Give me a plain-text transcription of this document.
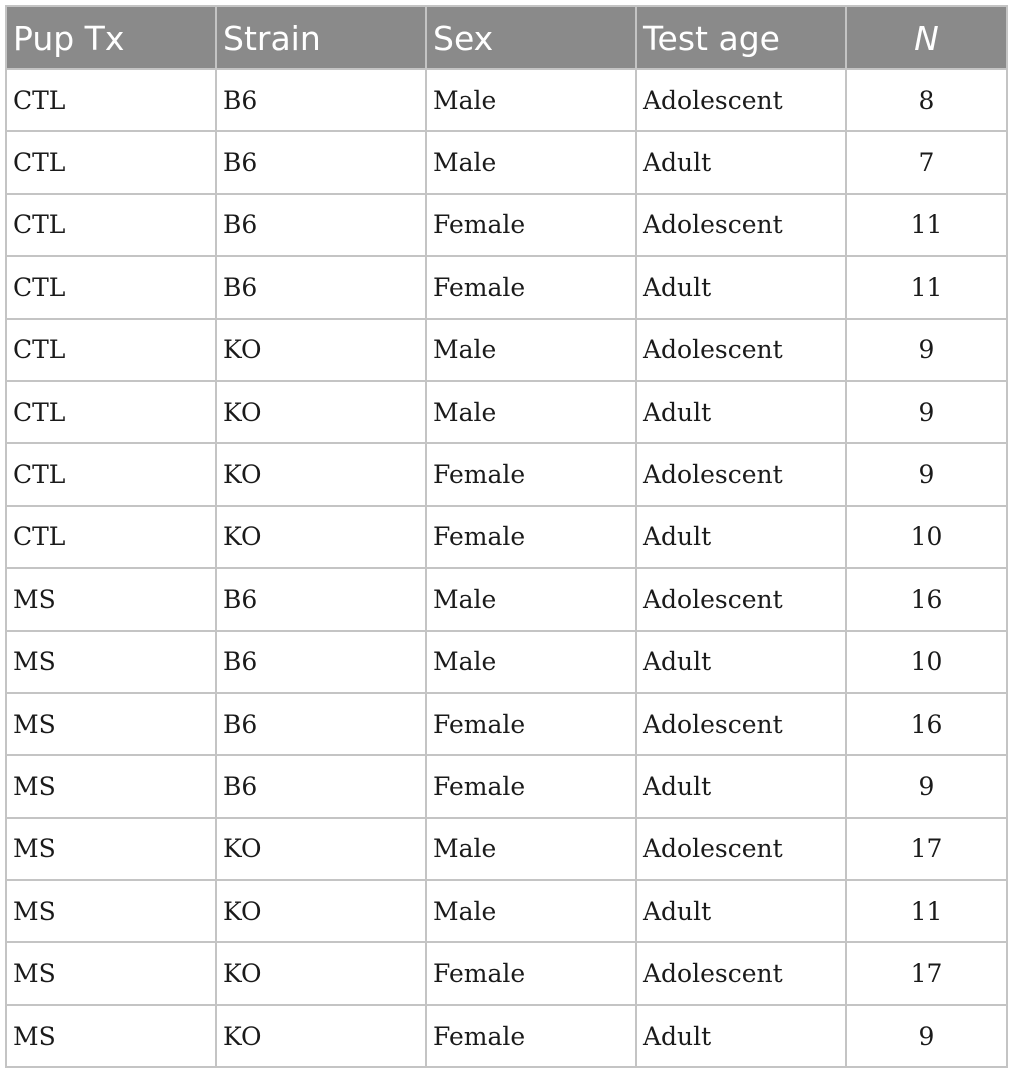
Pup Tx	Strain	Sex	Test age	N
CTL	B6	Male	Adolescent	8
CTL	B6	Male	Adult	7
CTL	B6	Female	Adolescent	11
CTL	B6	Female	Adult	11
CTL	KO	Male	Adolescent	9
CTL	KO	Male	Adult	9
CTL	KO	Female	Adolescent	9
CTL	KO	Female	Adult	10
MS	B6	Male	Adolescent	16
MS	B6	Male	Adult	10
MS	B6	Female	Adolescent	16
MS	B6	Female	Adult	9
MS	KO	Male	Adolescent	17
MS	KO	Male	Adult	11
MS	KO	Female	Adolescent	17
MS	KO	Female	Adult	9
